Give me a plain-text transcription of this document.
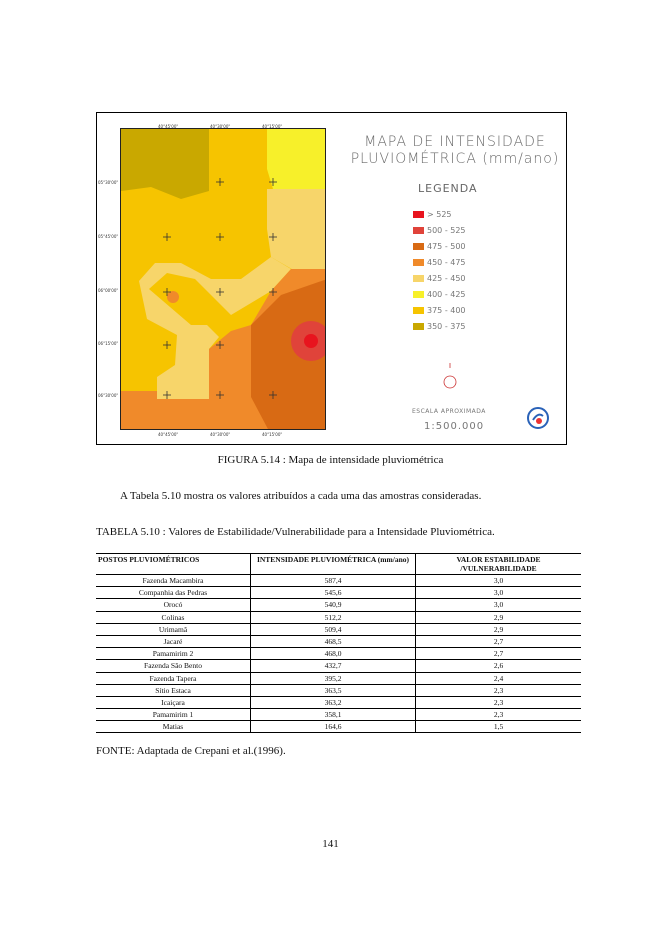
40°45'00"	40°30'00"	40°15'00"
40°45'00"	40°30'00"	40°15'00"
05°30'00"
05°45'00"
06°00'00"
06°15'00"
06°30'00"
MAPA DE INTENSIDADE
PLUVIOMÉTRICA (mm/ano)
LEGENDA
> 525
500 - 525
475 - 500
450 - 475
425 - 450
400 - 425
375 - 400
350 - 375
ESCALA APROXIMADA
1:500.000
FIGURA 5.14 : Mapa de intensidade pluviométrica
A Tabela 5.10 mostra os valores atribuídos a cada uma das amostras consideradas.
TABELA 5.10 : Valores de Estabilidade/Vulnerabilidade para a Intensidade Pluviométrica.
POSTOS PLUVIOMÉTRICOS	INTENSIDADE PLUVIOMÉTRICA (mm/ano)	VALOR ESTABILIDADE /VULNERABILIDADE
Fazenda Macambira	587,4	3,0
Companhia das Pedras	545,6	3,0
Orocó	540,9	3,0
Colinas	512,2	2,9
Urimamã	509,4	2,9
Jacaré	468,5	2,7
Pamamirim 2	468,0	2,7
Fazenda São Bento	432,7	2,6
Fazenda Tapera	395,2	2,4
Sítio Estaca	363,5	2,3
Icaiçara	363,2	2,3
Pamamirim 1	358,1	2,3
Matias	164,6	1,5
FONTE: Adaptada de Crepani et al.(1996).
141
